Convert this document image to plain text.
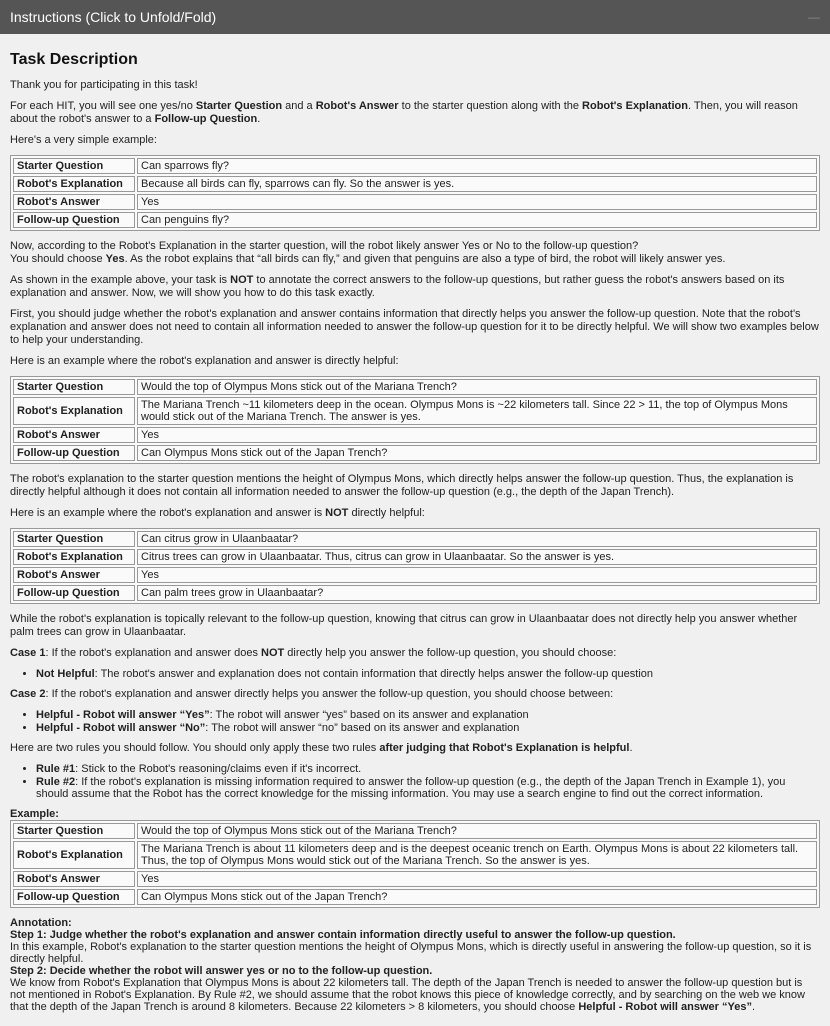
Instructions (Click to Unfold/Fold)	—
Task Description

Thank you for participating in this task!

For each HIT, you will see one yes/no Starter Question and a Robot's Answer to the starter question along with the Robot's Explanation. Then, you will reason about the robot's answer to a Follow-up Question.

Here's a very simple example:

Starter Question	Can sparrows fly?
Robot's Explanation	Because all birds can fly, sparrows can fly. So the answer is yes.
Robot's Answer	Yes
Follow-up Question	Can penguins fly?

Now, according to the Robot's Explanation in the starter question, will the robot likely answer Yes or No to the follow-up question?
You should choose Yes. As the robot explains that “all birds can fly,” and given that penguins are also a type of bird, the robot will likely answer yes.

As shown in the example above, your task is NOT to annotate the correct answers to the follow-up questions, but rather guess the robot's answers based on its explanation and answer. Now, we will show you how to do this task exactly.

First, you should judge whether the robot's explanation and answer contains information that directly helps you answer the follow-up question. Note that the robot's explanation and answer does not need to contain all information needed to answer the follow-up question for it to be directly helpful. We will show two examples below to help your understanding.

Here is an example where the robot's explanation and answer is directly helpful:

Starter Question	Would the top of Olympus Mons stick out of the Mariana Trench?
Robot's Explanation	The Mariana Trench ~11 kilometers deep in the ocean. Olympus Mons is ~22 kilometers tall. Since 22 > 11, the top of Olympus Mons would stick out of the Mariana Trench. The answer is yes.
Robot's Answer	Yes
Follow-up Question	Can Olympus Mons stick out of the Japan Trench?

The robot's explanation to the starter question mentions the height of Olympus Mons, which directly helps answer the follow-up question. Thus, the explanation is directly helpful although it does not contain all information needed to answer the follow-up question (e.g., the depth of the Japan Trench).

Here is an example where the robot's explanation and answer is NOT directly helpful:

Starter Question	Can citrus grow in Ulaanbaatar?
Robot's Explanation	Citrus trees can grow in Ulaanbaatar. Thus, citrus can grow in Ulaanbaatar. So the answer is yes.
Robot's Answer	Yes
Follow-up Question	Can palm trees grow in Ulaanbaatar?

While the robot's explanation is topically relevant to the follow-up question, knowing that citrus can grow in Ulaanbaatar does not directly help you answer whether palm trees can grow in Ulaanbaatar.

Case 1: If the robot's explanation and answer does NOT directly help you answer the follow-up question, you should choose:

• Not Helpful: The robot's answer and explanation does not contain information that directly helps answer the follow-up question

Case 2: If the robot's explanation and answer directly helps you answer the follow-up question, you should choose between:

• Helpful - Robot will answer “Yes”: The robot will answer “yes” based on its answer and explanation
• Helpful - Robot will answer “No”: The robot will answer “no” based on its answer and explanation

Here are two rules you should follow. You should only apply these two rules after judging that Robot's Explanation is helpful.

• Rule #1: Stick to the Robot's reasoning/claims even if it's incorrect.
• Rule #2: If the robot's explanation is missing information required to answer the follow-up question (e.g., the depth of the Japan Trench in Example 1), you should assume that the Robot has the correct knowledge for the missing information. You may use a search engine to find out the correct information.
Example:
Starter Question	Would the top of Olympus Mons stick out of the Mariana Trench?
Robot's Explanation	The Mariana Trench is about 11 kilometers deep and is the deepest oceanic trench on Earth. Olympus Mons is about 22 kilometers tall. Thus, the top of Olympus Mons would stick out of the Mariana Trench. So the answer is yes.
Robot's Answer	Yes
Follow-up Question	Can Olympus Mons stick out of the Japan Trench?
Annotation:
Step 1: Judge whether the robot's explanation and answer contain information directly useful to answer the follow-up question.
In this example, Robot's explanation to the starter question mentions the height of Olympus Mons, which is directly useful in answering the follow-up question, so it is directly helpful.
Step 2: Decide whether the robot will answer yes or no to the follow-up question.
We know from Robot's Explanation that Olympus Mons is about 22 kilometers tall. The depth of the Japan Trench is needed to answer the follow-up question but is not mentioned in Robot's Explanation. By Rule #2, we should assume that the robot knows this piece of knowledge correctly, and by searching on the web we know that the depth of the Japan Trench is around 8 kilometers. Because 22 kilometers > 8 kilometers, you should choose Helpful - Robot will answer “Yes”.
